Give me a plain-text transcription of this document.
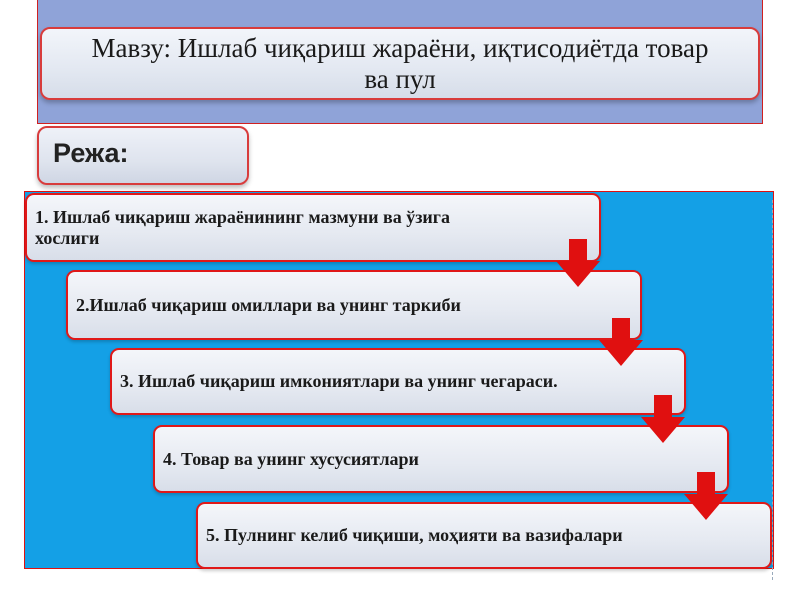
Мавзу: Ишлаб чиқариш жараёни, иқтисодиётда товар ва пул
Режа:
1. Ишлаб чиқариш жараёнининг мазмуни ва ўзига хослиги
2.Ишлаб чиқариш омиллари ва унинг таркиби
3. Ишлаб чиқариш имкониятлари ва унинг чегараси.
4. Товар ва унинг хусусиятлари
5. Пулнинг келиб чиқиши, моҳияти ва вазифалари
